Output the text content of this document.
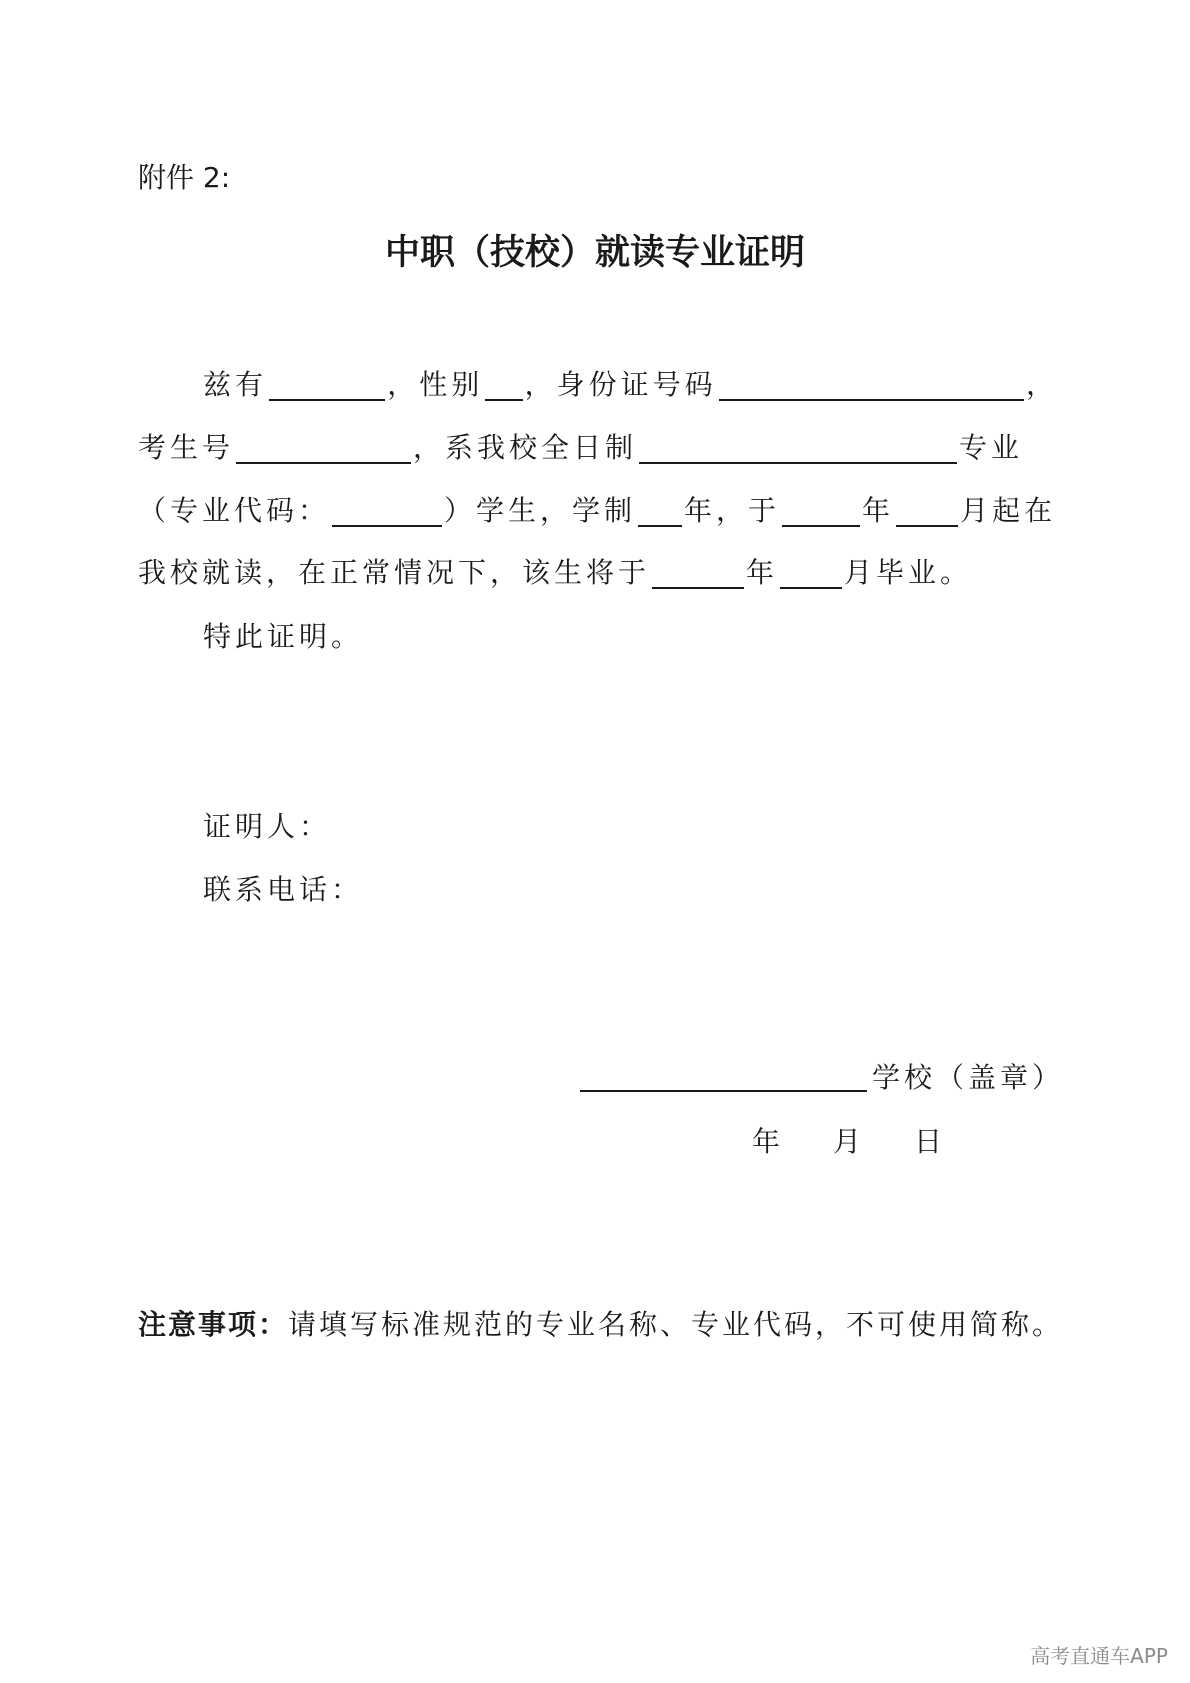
附件 2:
中职（技校）就读专业证明
兹有	，性别 ，身份证号码	，
考生号	，系我校全日制	专业
（专业代码：	）学生，学制 年，于	年 月起在
我校就读，在正常情况下，该生将于	年 月毕业。
特此证明。
证明人：
联系电话：
学校（盖章）
年 月 日
注意事项：请填写标准规范的专业名称、专业代码，不可使用简称。
高考直通车APP
